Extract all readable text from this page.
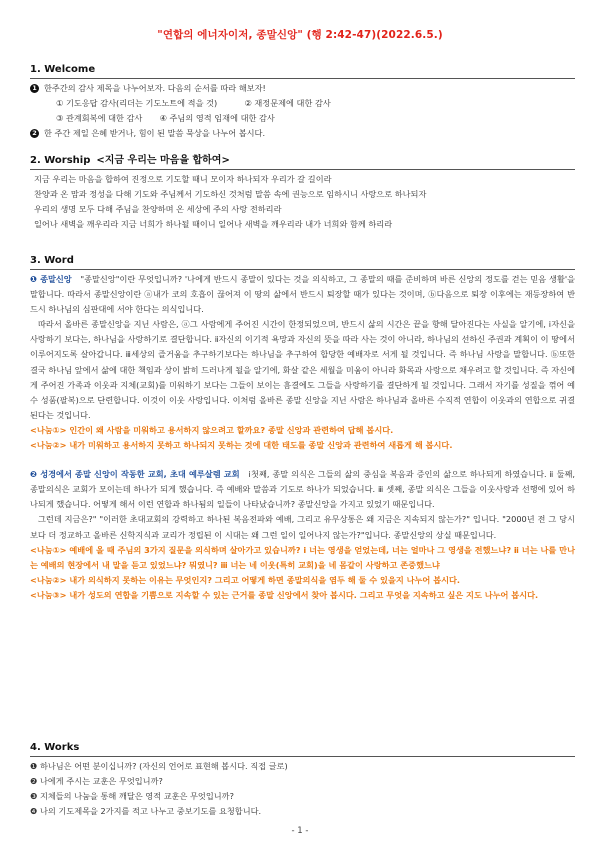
"연합의 에너자이저, 종말신앙" (행 2:42-47)(2022.6.5.)
1. Welcome
1 한주간의 감사 제목을 나누어보자. 다음의 순서를 따라 해보자!
① 기도응답 감사(리더는 기도노트에 적을 것)	② 재정문제에 대한 감사
③ 관계회복에 대한 감사 ④ 주님의 영적 임재에 대한 감사
2 한 주간 제일 은혜 받거나, 힘이 된 말씀 묵상을 나누어 봅시다.
2. Worship <지금 우리는 마음을 합하여>
지금 우리는 마음을 합하여 진정으로 기도할 때니 모이자 하나되자 우리가 갈 길이라
찬양과 온 맘과 정성을 다해 기도와 주님께서 기도하신 것처럼 말씀 속에 권능으로 임하시니 사랑으로 하나되자
우리의 생명 모두 다해 주님을 찬양하며 온 세상에 주의 사랑 전하리라
일어나 새벽을 깨우리라 지금 너희가 하나될 때이니 일어나 새벽을 깨우리라 내가 너희와 함께 하리라
3. Word
❶ 종말신앙 "종말신앙"이란 무엇입니까? '나에게 반드시 종말이 있다는 것을 의식하고, 그 종말의 때를 준비하며 바른 신앙의 정도를 걷는 믿음 생활'을 말합니다. 따라서 종말신앙이란 ⓐ내가 코의 호흡이 끊어져 이 땅의 삶에서 반드시 퇴장할 때가 있다는 것이며, ⓑ다음으로 퇴장 이후에는 재등장하여 반드시 하나님의 심판대에 서야 한다는 의식입니다.
따라서 올바른 종말신앙을 지닌 사람은, ⓐ그 사람에게 주어진 시간이 한정되었으며, 반드시 삶의 시간은 끝을 향해 달아진다는 사실을 알기에, ⅰ자신을 사랑하기 보다는, 하나님을 사랑하기로 결단합니다. ⅱ자신의 이기적 욕망과 자신의 뜻을 따라 사는 것이 아니라, 하나님의 선하신 주권과 계획이 이 땅에서 이루어지도록 살아갑니다. ⅲ세상의 즐거움을 추구하기보다는 하나님을 추구하여 합당한 예배자로 서게 될 것입니다. 즉 하나님 사랑을 말합니다. ⓑ또한 결국 하나님 앞에서 삶에 대한 책임과 상이 밝히 드러나게 될을 알기에, 화살 같은 세월을 미움이 아니라 화목과 사랑으로 채우려고 할 것입니다. 즉 자신에게 주어진 가족과 이웃과 지체(교회)를 미워하기 보다는 그들이 보이는 흠결에도 그들을 사랑하기를 결단하게 될 것입니다. 그래서 자기를 성질을 꺾어 예수 성품(팔복)으로 단련합니다. 이것이 이웃 사랑입니다. 이처럼 올바른 종말 신앙을 지닌 사람은 하나님과 올바른 수직적 연합이 이웃과의 연합으로 귀결된다는 것입니다.
<나눔①> 인간이 왜 사람을 미워하고 용서하지 않으려고 할까요? 종말 신앙과 관련하여 답해 봅시다.
<나눔②> 내가 미워하고 용서하지 못하고 하나되지 못하는 것에 대한 태도를 종말 신앙과 관련하여 새롭게 해 봅시다.
❷ 성경에서 종말 신앙이 작동한 교회, 초대 예루살렘 교회 ⅰ첫째, 종말 의식은 그들의 삶의 중심을 복음과 증인의 삶으로 하나되게 하였습니다. ⅱ 둘째, 종말의식은 교회가 모이는데 하나가 되게 했습니다. 즉 예배와 말씀과 기도로 하나가 되었습니다. ⅲ 셋째, 종말 의식은 그들을 이웃사랑과 선행에 있어 하나되게 했습니다. 어떻게 해서 이런 연합과 하나됨의 일들이 나타났습니까? 종말신앙을 가지고 있었기 때문입니다.
그런데 지금은?" "이러한 초대교회의 강력하고 하나된 복음전파와 예배, 그리고 유무상통은 왜 지금은 지속되지 않는가?" 입니다. "2000년 전 그 당시보다 더 정교하고 올바른 신학지식과 교리가 정립된 이 시대는 왜 그런 일이 일어나지 않는가?"입니다. 종말신앙의 상실 때문입니다.
<나눔①> 예배에 올 때 주님의 3가지 질문을 의식하며 살아가고 있습니까? ⅰ 너는 영생을 얻었는데, 너는 얼마나 그 영생을 전했느냐? ⅱ 너는 나를 만나는 예배의 현장에서 내 말을 듣고 있었느냐? 뭐였니? ⅲ 너는 네 이웃(특히 교회)을 네 몸같이 사랑하고 존중했느냐
<나눔②> 내가 의식하지 못하는 이유는 무엇인지? 그리고 어떻게 하면 종말의식을 염두 해 둘 수 있을지 나누어 봅시다.
<나눔③> 내가 성도의 연합을 기쁨으로 지속할 수 있는 근거를 종말 신앙에서 찾아 봅시다. 그리고 무엇을 지속하고 싶은 지도 나누어 봅시다.
4. Works
❶ 하나님은 어떤 분이십니까? (자신의 언어로 표현해 봅시다. 직접 글로)
❷ 나에게 주시는 교훈은 무엇입니까?
❸ 지체들의 나눔을 통해 깨달은 영적 교훈은 무엇입니까?
❹ 나의 기도제목을 2가지를 적고 나누고 중보기도를 요청합니다.
- 1 -
